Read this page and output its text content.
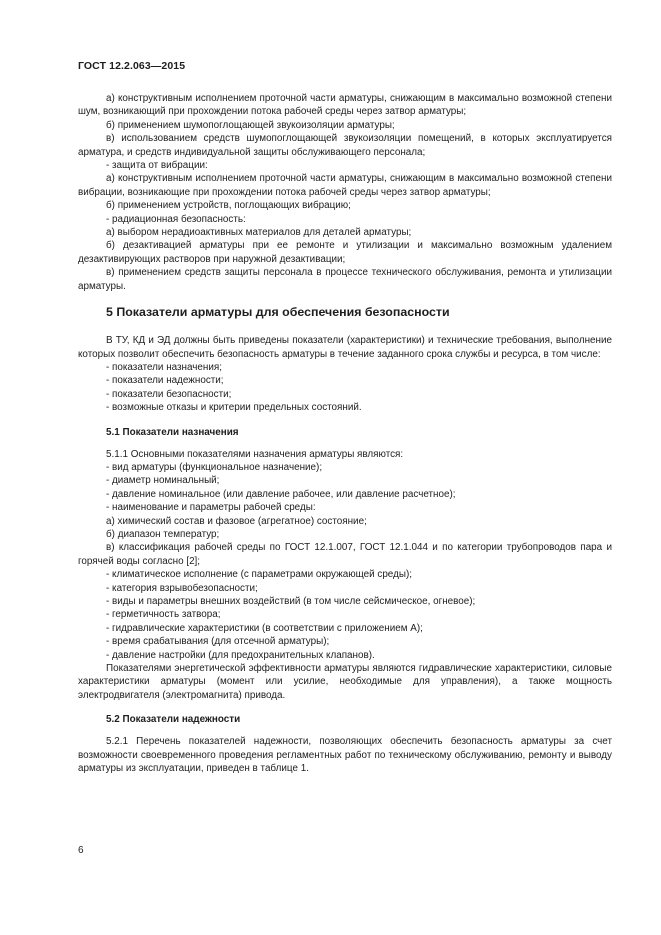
ГОСТ 12.2.063—2015

а) конструктивным исполнением проточной части арматуры, снижающим в максимально возможной степени шум, возникающий при прохождении потока рабочей среды через затвор арматуры;

б) применением шумопоглощающей звукоизоляции арматуры;

в) использованием средств шумопоглощающей звукоизоляции помещений, в которых эксплуатируется арматура, и средств индивидуальной защиты обслуживающего персонала;

- защита от вибрации:

а) конструктивным исполнением проточной части арматуры, снижающим в максимально возможной степени вибрации, возникающие при прохождении потока рабочей среды через затвор арматуры;

б) применением устройств, поглощающих вибрацию;

- радиационная безопасность:

а) выбором нерадиоактивных материалов для деталей арматуры;

б) дезактивацией арматуры при ее ремонте и утилизации и максимально возможным удалением дезактивирующих растворов при наружной дезактивации;

в) применением средств защиты персонала в процессе технического обслуживания, ремонта и утилизации арматуры.

5 Показатели арматуры для обеспечения безопасности

В ТУ, КД и ЭД должны быть приведены показатели (характеристики) и технические требования, выполнение которых позволит обеспечить безопасность арматуры в течение заданного срока службы и ресурса, в том числе:

- показатели назначения;

- показатели надежности;

- показатели безопасности;

- возможные отказы и критерии предельных состояний.

5.1 Показатели назначения

5.1.1 Основными показателями назначения арматуры являются:

- вид арматуры (функциональное назначение);

- диаметр номинальный;

- давление номинальное (или давление рабочее, или давление расчетное);

- наименование и параметры рабочей среды:

а) химический состав и фазовое (агрегатное) состояние;

б) диапазон температур;

в) классификация рабочей среды по ГОСТ 12.1.007, ГОСТ 12.1.044 и по категории трубопроводов пара и горячей воды согласно [2];

- климатическое исполнение (с параметрами окружающей среды);

- категория взрывобезопасности;

- виды и параметры внешних воздействий (в том числе сейсмическое, огневое);

- герметичность затвора;

- гидравлические характеристики (в соответствии с приложением А);

- время срабатывания (для отсечной арматуры);

- давление настройки (для предохранительных клапанов).

Показателями энергетической эффективности арматуры являются гидравлические характеристики, силовые характеристики арматуры (момент или усилие, необходимые для управления), а также мощность электродвигателя (электромагнита) привода.

5.2 Показатели надежности

5.2.1 Перечень показателей надежности, позволяющих обеспечить безопасность арматуры за счет возможности своевременного проведения регламентных работ по техническому обслуживанию, ремонту и выводу арматуры из эксплуатации, приведен в таблице 1.

6
